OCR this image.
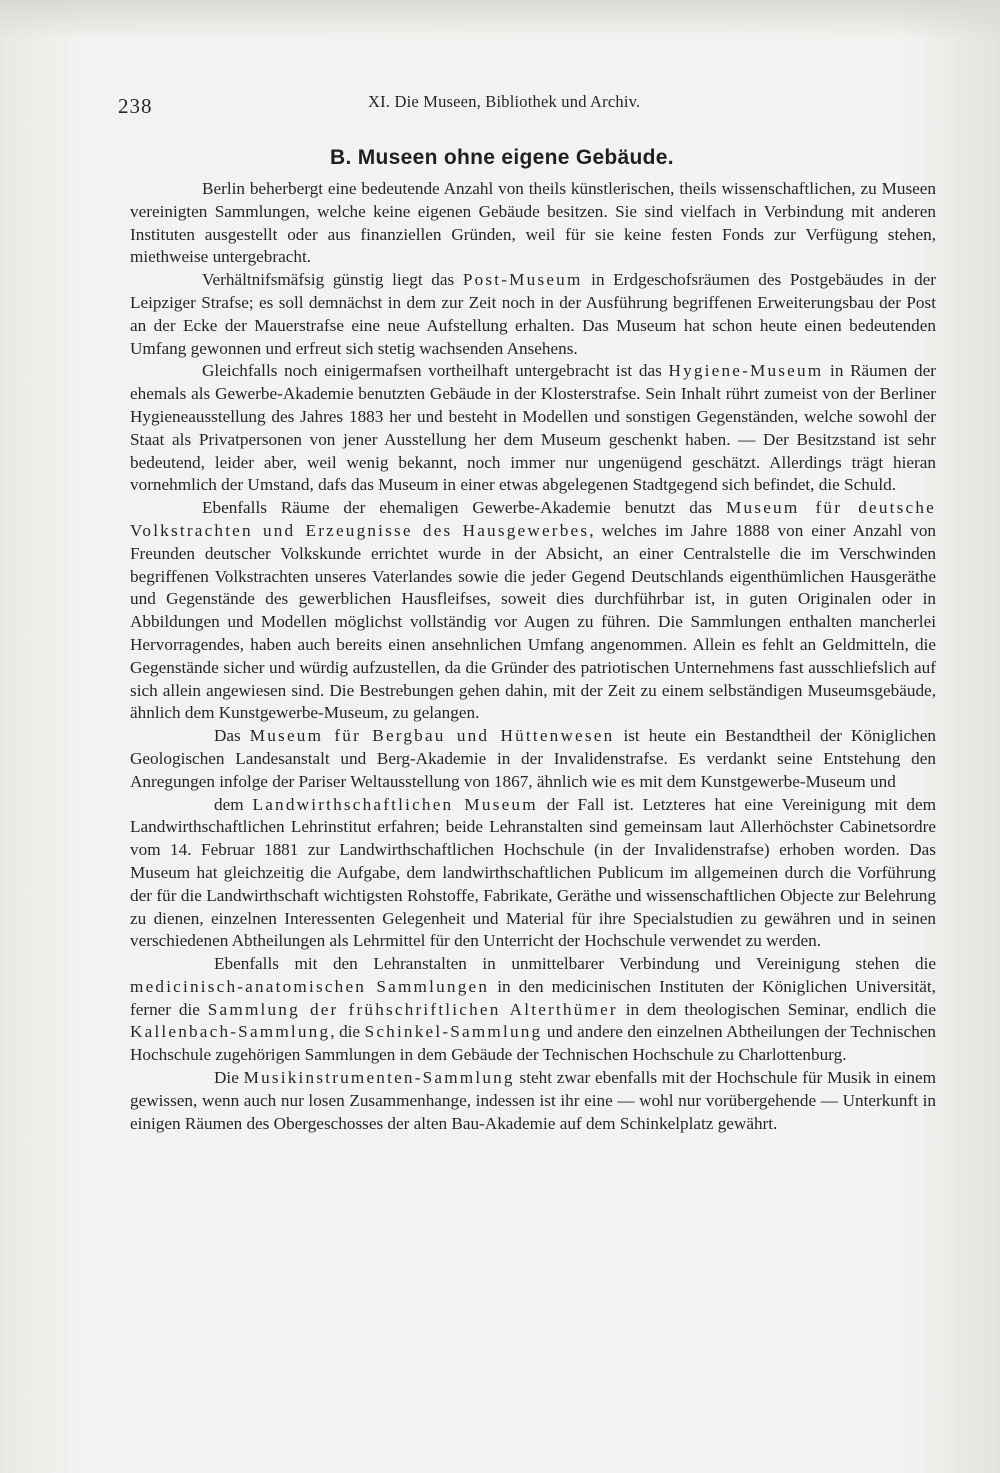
238	XI. Die Museen, Bibliothek und Archiv.
B. Museen ohne eigene Gebäude.

Berlin beherbergt eine bedeutende Anzahl von theils künstlerischen, theils wissenschaftlichen, zu Museen vereinigten Sammlungen, welche keine eigenen Gebäude besitzen. Sie sind vielfach in Verbindung mit anderen Instituten ausgestellt oder aus finanziellen Gründen, weil für sie keine festen Fonds zur Verfügung stehen, miethweise untergebracht.

Verhältnifsmäfsig günstig liegt das Post-Museum in Erdgeschofsräumen des Postgebäudes in der Leipziger Strafse; es soll demnächst in dem zur Zeit noch in der Ausführung begriffenen Erweiterungsbau der Post an der Ecke der Mauerstrafse eine neue Aufstellung erhalten. Das Museum hat schon heute einen bedeutenden Umfang gewonnen und erfreut sich stetig wachsenden Ansehens.

Gleichfalls noch einigermafsen vortheilhaft untergebracht ist das Hygiene-Museum in Räumen der ehemals als Gewerbe-Akademie benutzten Gebäude in der Klosterstrafse. Sein Inhalt rührt zumeist von der Berliner Hygieneausstellung des Jahres 1883 her und besteht in Modellen und sonstigen Gegenständen, welche sowohl der Staat als Privatpersonen von jener Ausstellung her dem Museum geschenkt haben. — Der Besitzstand ist sehr bedeutend, leider aber, weil wenig bekannt, noch immer nur ungenügend geschätzt. Allerdings trägt hieran vornehmlich der Umstand, dafs das Museum in einer etwas abgelegenen Stadtgegend sich befindet, die Schuld.

Ebenfalls Räume der ehemaligen Gewerbe-Akademie benutzt das Museum für deutsche Volkstrachten und Erzeugnisse des Hausgewerbes, welches im Jahre 1888 von einer Anzahl von Freunden deutscher Volkskunde errichtet wurde in der Absicht, an einer Centralstelle die im Verschwinden begriffenen Volkstrachten unseres Vaterlandes sowie die jeder Gegend Deutschlands eigenthümlichen Hausgeräthe und Gegenstände des gewerblichen Hausfleifses, soweit dies durchführbar ist, in guten Originalen oder in Abbildungen und Modellen möglichst vollständig vor Augen zu führen. Die Sammlungen enthalten mancherlei Hervorragendes, haben auch bereits einen ansehnlichen Umfang angenommen. Allein es fehlt an Geldmitteln, die Gegenstände sicher und würdig aufzustellen, da die Gründer des patriotischen Unternehmens fast ausschliefslich auf sich allein angewiesen sind. Die Bestrebungen gehen dahin, mit der Zeit zu einem selbständigen Museumsgebäude, ähnlich dem Kunstgewerbe-Museum, zu gelangen.

Das Museum für Bergbau und Hüttenwesen ist heute ein Bestandtheil der Königlichen Geologischen Landesanstalt und Berg-Akademie in der Invalidenstrafse. Es verdankt seine Entstehung den Anregungen infolge der Pariser Weltausstellung von 1867, ähnlich wie es mit dem Kunstgewerbe-Museum und

dem Landwirthschaftlichen Museum der Fall ist. Letzteres hat eine Vereinigung mit dem Landwirthschaftlichen Lehrinstitut erfahren; beide Lehranstalten sind gemeinsam laut Allerhöchster Cabinetsordre vom 14. Februar 1881 zur Landwirthschaftlichen Hochschule (in der Invalidenstrafse) erhoben worden. Das Museum hat gleichzeitig die Aufgabe, dem landwirthschaftlichen Publicum im allgemeinen durch die Vorführung der für die Landwirthschaft wichtigsten Rohstoffe, Fabrikate, Geräthe und wissenschaftlichen Objecte zur Belehrung zu dienen, einzelnen Interessenten Gelegenheit und Material für ihre Specialstudien zu gewähren und in seinen verschiedenen Abtheilungen als Lehrmittel für den Unterricht der Hochschule verwendet zu werden.

Ebenfalls mit den Lehranstalten in unmittelbarer Verbindung und Vereinigung stehen die medicinisch-anatomischen Sammlungen in den medicinischen Instituten der Königlichen Universität, ferner die Sammlung der frühschriftlichen Alterthümer in dem theologischen Seminar, endlich die Kallenbach-Sammlung, die Schinkel-Sammlung und andere den einzelnen Abtheilungen der Technischen Hochschule zugehörigen Sammlungen in dem Gebäude der Technischen Hochschule zu Charlottenburg.

Die Musikinstrumenten-Sammlung steht zwar ebenfalls mit der Hochschule für Musik in einem gewissen, wenn auch nur losen Zusammenhange, indessen ist ihr eine — wohl nur vorübergehende — Unterkunft in einigen Räumen des Obergeschosses der alten Bau-Akademie auf dem Schinkelplatz gewährt.
